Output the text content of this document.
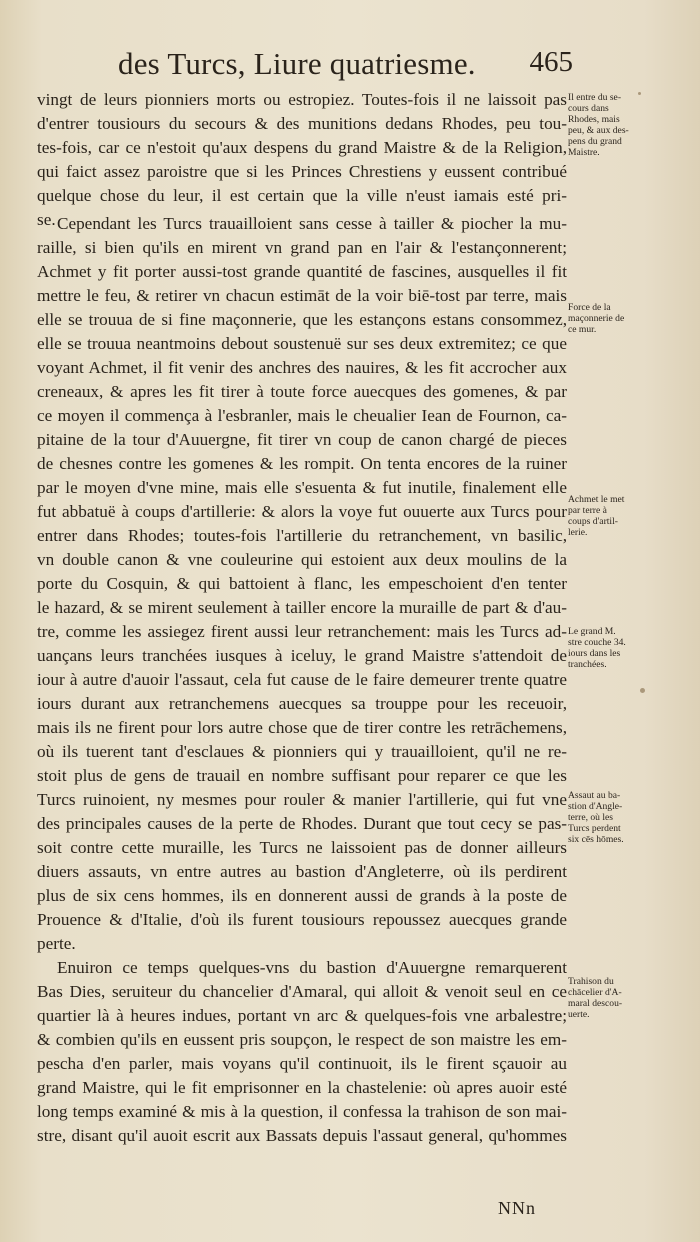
des Turcs, Liure quatriesme. 465
vingt de leurs pionniers morts ou estropiez. Toutes-fois il ne laissoit pas
d'entrer tousiours du secours & des munitions dedans Rhodes, peu tou-
tes-fois, car ce n'estoit qu'aux despens du grand Maistre & de la Religion,
qui faict assez paroistre que si les Princes Chrestiens y eussent contribué
quelque chose du leur, il est certain que la ville n'eust iamais esté pri-
se. Cependant les Turcs trauailloient sans cesse à tailler & piocher la mu-
raille, si bien qu'ils en mirent vn grand pan en l'air & l'estançonnerent;
Achmet y fit porter aussi-tost grande quantité de fascines, ausquelles il fit
mettre le feu, & retirer vn chacun estimāt de la voir biē-tost par terre, mais
elle se trouua de si fine maçonnerie, que les estançons estans consommez,
elle se trouua neantmoins debout soustenuë sur ses deux extremitez; ce que
voyant Achmet, il fit venir des anchres des nauires, & les fit accrocher aux
creneaux, & apres les fit tirer à toute force auecques des gomenes, & par
ce moyen il commença à l'esbranler, mais le cheualier Iean de Fournon, ca-
pitaine de la tour d'Auuergne, fit tirer vn coup de canon chargé de pieces
de chesnes contre les gomenes & les rompit. On tenta encores de la ruiner
par le moyen d'vne mine, mais elle s'esuenta & fut inutile, finalement elle
fut abbatuë à coups d'artillerie: & alors la voye fut ouuerte aux Turcs pour
entrer dans Rhodes; toutes-fois l'artillerie du retranchement, vn basilic,
vn double canon & vne couleurine qui estoient aux deux moulins de la
porte du Cosquin, & qui battoient à flanc, les empeschoient d'en tenter
le hazard, & se mirent seulement à tailler encore la muraille de part & d'au-
tre, comme les assiegez firent aussi leur retranchement: mais les Turcs ad-
uançans leurs tranchées iusques à iceluy, le grand Maistre s'attendoit de
iour à autre d'auoir l'assaut, cela fut cause de le faire demeurer trente quatre
iours durant aux retranchemens auecques sa trouppe pour les receuoir,
mais ils ne firent pour lors autre chose que de tirer contre les retrāchemens,
où ils tuerent tant d'esclaues & pionniers qui y trauailloient, qu'il ne re-
stoit plus de gens de trauail en nombre suffisant pour reparer ce que les
Turcs ruinoient, ny mesmes pour rouler & manier l'artillerie, qui fut vne
des principales causes de la perte de Rhodes. Durant que tout cecy se pas-
soit contre cette muraille, les Turcs ne laissoient pas de donner ailleurs
diuers assauts, vn entre autres au bastion d'Angleterre, où ils perdirent
plus de six cens hommes, ils en donnerent aussi de grands à la poste de
Prouence & d'Italie, d'où ils furent tousiours repoussez auecques grande
perte.
Enuiron ce temps quelques-vns du bastion d'Auuergne remarquerent
Bas Dies, seruiteur du chancelier d'Amaral, qui alloit & venoit seul en ce
quartier là à heures indues, portant vn arc & quelques-fois vne arbalestre;
& combien qu'ils en eussent pris soupçon, le respect de son maistre les em-
pescha d'en parler, mais voyans qu'il continuoit, ils le firent sçauoir au
grand Maistre, qui le fit emprisonner en la chastelenie: où apres auoir esté
long temps examiné & mis à la question, il confessa la trahison de son mai-
stre, disant qu'il auoit escrit aux Bassats depuis l'assaut general, qu'hommes
Il entre du se-
cours dans
Rhodes, mais
peu, & aux des-
pens du grand
Maistre.
Force de la
maçonnerie de
ce mur.
Achmet le met
par terre à
coups d'artil-
lerie.
Le grand M.
stre couche 34.
iours dans les
tranchées.
Assaut au ba-
stion d'Angle-
terre, où les
Turcs perdent
six cēs hōmes.
Trahison du
chācelier d'A-
maral descou-
uerte.
NNn
